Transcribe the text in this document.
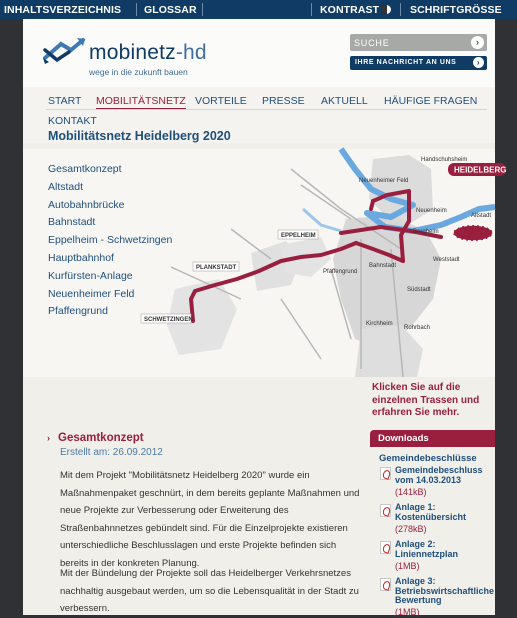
INHALTSVERZEICHNIS GLOSSAR	KONTRAST	SCHRIFTGRÖSSE
mobinetz-hd
wege in die zukunft bauen
SUCHE
›
IHRE NACHRICHT AN UNS	›
START MOBILITÄTSNETZ VORTEILE PRESSE AKTUELL HÄUFIGE FRAGEN
KONTAKT
Mobilitätsnetz Heidelberg 2020
Gesamtkonzept
Altstadt
Autobahnbrücke
Bahnstadt
Eppelheim - Schwetzingen
Hauptbahnhof
Kurfürsten-Anlage
Neuenheimer Feld
Pfaffengrund
HEIDELBERG
Handschuhsheim
Neuenheimer Feld
Neuenheim
Bergheim
Altstadt
Weststadt
Bahnstadt
Pfaffengrund
Südstadt
Kirchheim
Rohrbach
EPPELHEIM
PLANKSTADT
SCHWETZINGEN
Klicken Sie auf die einzelnen Trassen und erfahren Sie mehr.
› Gesamtkonzept
Erstellt am: 26.09.2012

Mit dem Projekt "Mobilitätsnetz Heidelberg 2020" wurde ein Maßnahmenpaket geschnürt, in dem bereits geplante Maßnahmen und neue Projekte zur Verbesserung oder Erweiterung des Straßenbahnnetzes gebündelt sind. Für die Einzelprojekte existieren unterschiedliche Beschlusslagen und erste Projekte befinden sich bereits in der konkreten Planung.

Mit der Bündelung der Projekte soll das Heidelberger Verkehrsnetzes nachhaltig ausgebaut werden, um so die Lebensqualität in der Stadt zu verbessern.

Downloads
Gemeindebeschlüsse
Gemeindebeschluss vom 14.03.2013
(141kB)
Anlage 1: Kostenübersicht
(278kB)
Anlage 2: Liniennetzplan
(1MB)
Anlage 3: Betriebswirtschaftliche Bewertung
(1MB)
